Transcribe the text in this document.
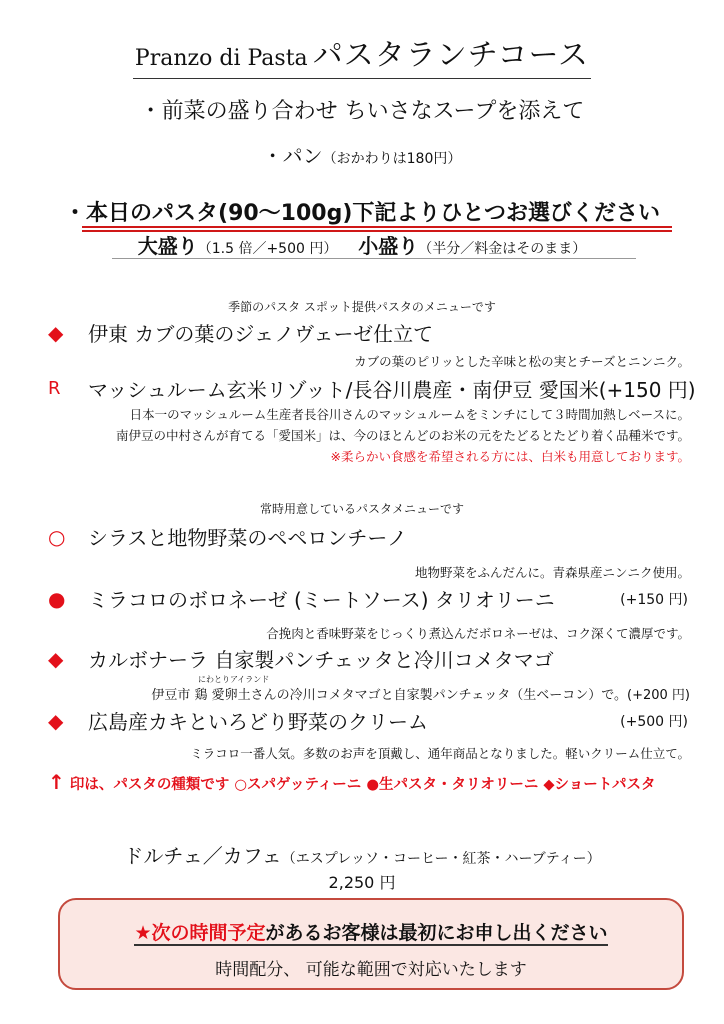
Pranzo di Pasta パスタランチコース
・前菜の盛り合わせ ちいさなスープを添えて
・パン（おかわりは180円）
・本日のパスタ(90～100g)下記よりひとつお選びください
大盛り（1.5 倍／+500 円） 小盛り（半分／料金はそのまま）
季節のパスタ スポット提供パスタのメニューです
◆	伊東 カブの葉のジェノヴェーゼ仕立て
カブの葉のピリッとした辛味と松の実とチーズとニンニク。
R	マッシュルーム玄米リゾット/長谷川農産・南伊豆 愛国米(+150 円)
日本一のマッシュルーム生産者長谷川さんのマッシュルームをミンチにして３時間加熱しベースに。
南伊豆の中村さんが育てる「愛国米」は、今のほとんどのお米の元をたどるとたどり着く品種米です。
※柔らかい食感を希望される方には、白米も用意しております。
常時用意しているパスタメニューです
○	シラスと地物野菜のペペロンチーノ
地物野菜をふんだんに。青森県産ニンニク使用。
●	ミラコロのボロネーゼ (ミートソース) タリオリーニ	(+150 円)
合挽肉と香味野菜をじっくり煮込んだボロネーゼは、コク深くて濃厚です。
◆	カルボナーラ 自家製パンチェッタと冷川コメタマゴ
にわとりアイランド
伊豆市 鶏 愛卵土さんの冷川コメタマゴと自家製パンチェッタ（生ベーコン）で。(+200 円)
◆	広島産カキといろどり野菜のクリーム	(+500 円)
ミラコロ一番人気。多数のお声を頂戴し、通年商品となりました。軽いクリーム仕立て。
↑ 印は、パスタの種類です ○スパゲッティーニ ●生パスタ・タリオリーニ ◆ショートパスタ
ドルチェ／カフェ（エスプレッソ・コーヒー・紅茶・ハーブティー）
2,250 円
★次の時間予定があるお客様は最初にお申し出ください
時間配分、 可能な範囲で対応いたします
